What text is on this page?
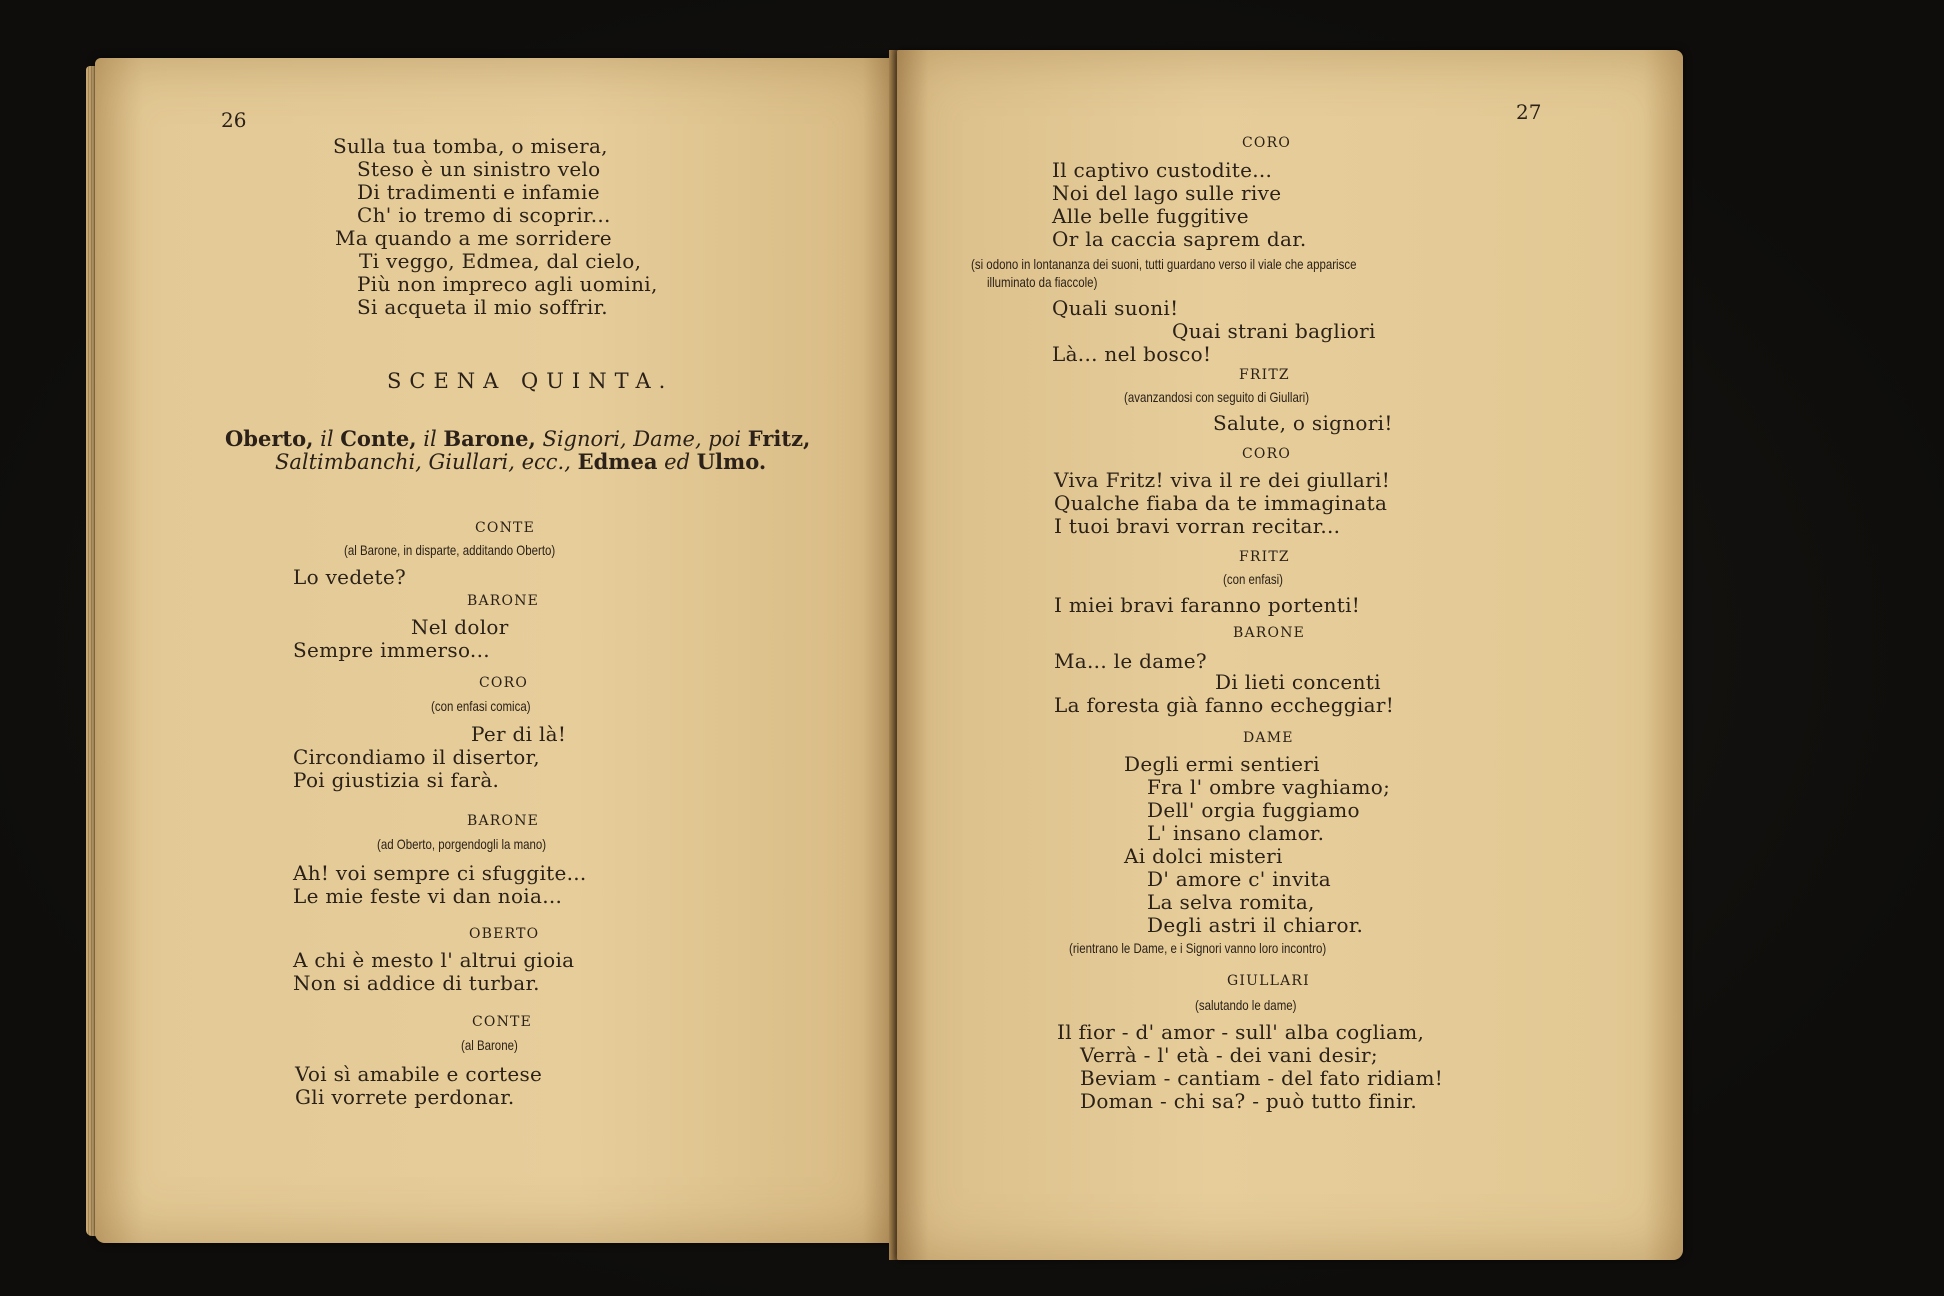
26
Sulla tua tomba, o misera,
Steso è un sinistro velo
Di tradimenti e infamie
Ch' io tremo di scoprir...
Ma quando a me sorridere
Ti veggo, Edmea, dal cielo,
Più non impreco agli uomini,
Si acqueta il mio soffrir.
SCENA QUINTA.
Oberto, il Conte, il Barone, Signori, Dame, poi Fritz,
Saltimbanchi, Giullari, ecc., Edmea ed Ulmo.
CONTE
(al Barone, in disparte, additando Oberto)
Lo vedete?
BARONE
Nel dolor
Sempre immerso...
CORO
(con enfasi comica)
Per di là!
Circondiamo il disertor,
Poi giustizia si farà.
BARONE
(ad Oberto, porgendogli la mano)
Ah! voi sempre ci sfuggite...
Le mie feste vi dan noia...
OBERTO
A chi è mesto l' altrui gioia
Non si addice di turbar.
CONTE
(al Barone)
Voi sì amabile e cortese
Gli vorrete perdonar.
27
CORO
Il captivo custodite...
Noi del lago sulle rive
Alle belle fuggitive
Or la caccia saprem dar.
(si odono in lontananza dei suoni, tutti guardano verso il viale che apparisce
illuminato da fiaccole)
Quali suoni!
Quai strani bagliori
Là... nel bosco!
FRITZ
(avanzandosi con seguito di Giullari)
Salute, o signori!
CORO
Viva Fritz! viva il re dei giullari!
Qualche fiaba da te immaginata
I tuoi bravi vorran recitar...
FRITZ
(con enfasi)
I miei bravi faranno portenti!
BARONE
Ma... le dame?
Di lieti concenti
La foresta già fanno eccheggiar!
DAME
Degli ermi sentieri
Fra l' ombre vaghiamo;
Dell' orgia fuggiamo
L' insano clamor.
Ai dolci misteri
D' amore c' invita
La selva romita,
Degli astri il chiaror.
(rientrano le Dame, e i Signori vanno loro incontro)
GIULLARI
(salutando le dame)
Il fior - d' amor - sull' alba cogliam,
Verrà - l' età - dei vani desir;
Beviam - cantiam - del fato ridiam!
Doman - chi sa? - può tutto finir.
